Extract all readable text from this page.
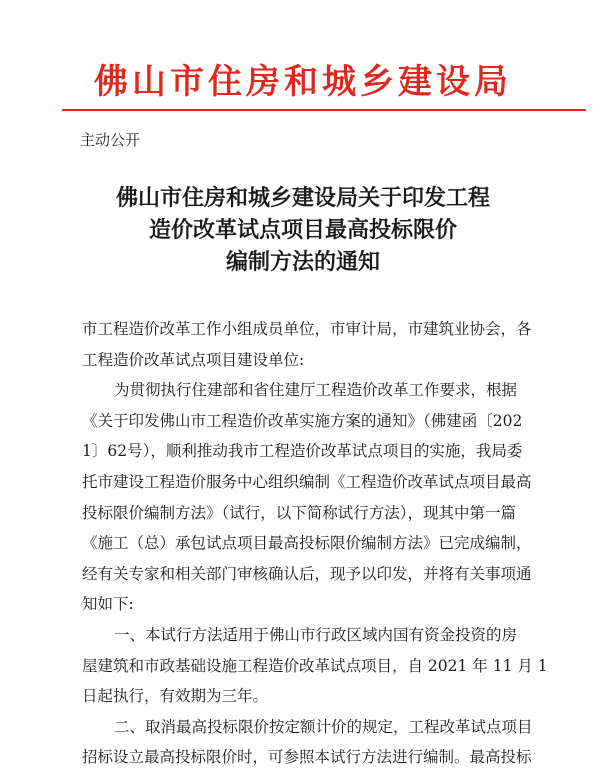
佛山市住房和城乡建设局
主动公开
佛山市住房和城乡建设局关于印发工程
造价改革试点项目最高投标限价
编制方法的通知
市工程造价改革工作小组成员单位，市审计局，市建筑业协会，各
工程造价改革试点项目建设单位:
为贯彻执行住建部和省住建厅工程造价改革工作要求，根据
《关于印发佛山市工程造价改革实施方案的通知》（佛建函〔202
1〕62号），顺利推动我市工程造价改革试点项目的实施，我局委
托市建设工程造价服务中心组织编制《工程造价改革试点项目最高
投标限价编制方法》（试行，以下简称试行方法），现其中第一篇
《施工（总）承包试点项目最高投标限价编制方法》已完成编制，
经有关专家和相关部门审核确认后，现予以印发，并将有关事项通
知如下:
一、本试行方法适用于佛山市行政区域内国有资金投资的房
屋建筑和市政基础设施工程造价改革试点项目，自 2021 年 11 月 1
日起执行，有效期为三年。
二、取消最高投标限价按定额计价的规定，工程改革试点项目
招标设立最高投标限价时，可参照本试行方法进行编制。最高投标
